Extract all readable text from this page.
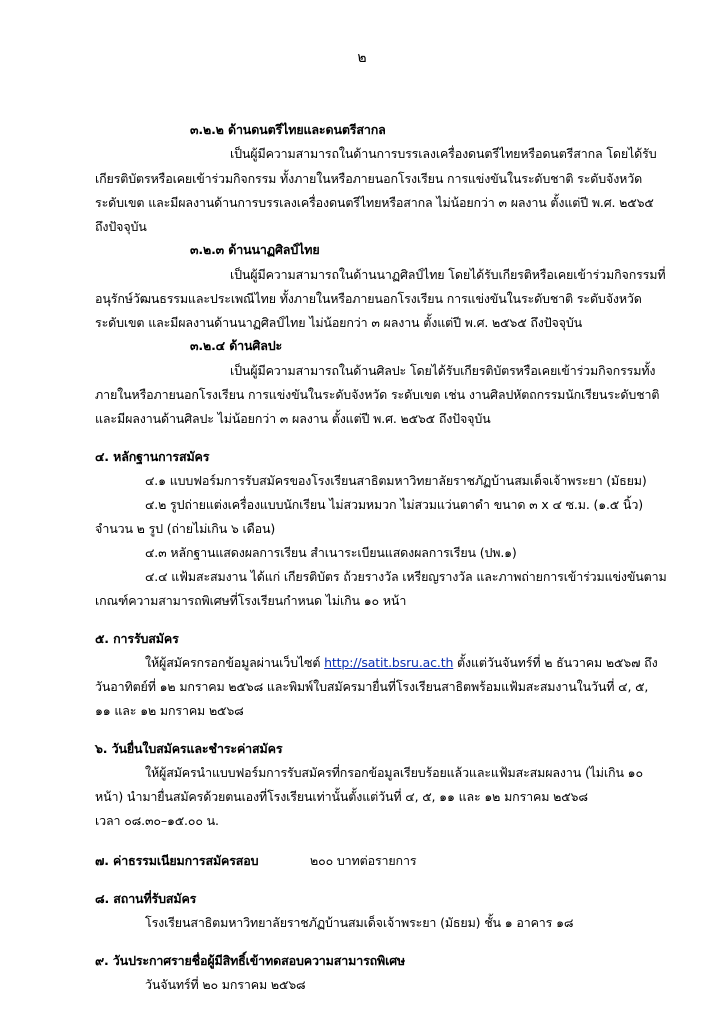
๒
๓.๒.๒ ด้านดนตรีไทยและดนตรีสากล
เป็นผู้มีความสามารถในด้านการบรรเลงเครื่องดนตรีไทยหรือดนตรีสากล โดยได้รับ
เกียรติบัตรหรือเคยเข้าร่วมกิจกรรม ทั้งภายในหรือภายนอกโรงเรียน การแข่งขันในระดับชาติ ระดับจังหวัด
ระดับเขต และมีผลงานด้านการบรรเลงเครื่องดนตรีไทยหรือสากล ไม่น้อยกว่า ๓ ผลงาน ตั้งแต่ปี พ.ศ. ๒๕๖๕
ถึงปัจจุบัน
๓.๒.๓ ด้านนาฏศิลป์ไทย
เป็นผู้มีความสามารถในด้านนาฏศิลป์ไทย โดยได้รับเกียรติหรือเคยเข้าร่วมกิจกรรมที่
อนุรักษ์วัฒนธรรมและประเพณีไทย ทั้งภายในหรือภายนอกโรงเรียน การแข่งขันในระดับชาติ ระดับจังหวัด
ระดับเขต และมีผลงานด้านนาฏศิลป์ไทย ไม่น้อยกว่า ๓ ผลงาน ตั้งแต่ปี พ.ศ. ๒๕๖๕ ถึงปัจจุบัน
๓.๒.๔ ด้านศิลปะ
เป็นผู้มีความสามารถในด้านศิลปะ โดยได้รับเกียรติบัตรหรือเคยเข้าร่วมกิจกรรมทั้ง
ภายในหรือภายนอกโรงเรียน การแข่งขันในระดับจังหวัด ระดับเขต เช่น งานศิลปหัตถกรรมนักเรียนระดับชาติ
และมีผลงานด้านศิลปะ ไม่น้อยกว่า ๓ ผลงาน ตั้งแต่ปี พ.ศ. ๒๕๖๕ ถึงปัจจุบัน
๔. หลักฐานการสมัคร
๔.๑ แบบฟอร์มการรับสมัครของโรงเรียนสาธิตมหาวิทยาลัยราชภัฏบ้านสมเด็จเจ้าพระยา (มัธยม)
๔.๒ รูปถ่ายแต่งเครื่องแบบนักเรียน ไม่สวมหมวก ไม่สวมแว่นตาดำ ขนาด ๓ x ๔ ซ.ม. (๑.๕ นิ้ว)
จำนวน ๒ รูป (ถ่ายไม่เกิน ๖ เดือน)
๔.๓ หลักฐานแสดงผลการเรียน สำเนาระเบียนแสดงผลการเรียน (ปพ.๑)
๔.๔ แฟ้มสะสมงาน ได้แก่ เกียรติบัตร ถ้วยรางวัล เหรียญรางวัล และภาพถ่ายการเข้าร่วมแข่งขันตาม
เกณฑ์ความสามารถพิเศษที่โรงเรียนกำหนด ไม่เกิน ๑๐ หน้า
๕. การรับสมัคร
ให้ผู้สมัครกรอกข้อมูลผ่านเว็บไซต์ http://satit.bsru.ac.th ตั้งแต่วันจันทร์ที่ ๒ ธันวาคม ๒๕๖๗ ถึง
วันอาทิตย์ที่ ๑๒ มกราคม ๒๕๖๘ และพิมพ์ใบสมัครมายื่นที่โรงเรียนสาธิตพร้อมแฟ้มสะสมงานในวันที่ ๔, ๕,
๑๑ และ ๑๒ มกราคม ๒๕๖๘
๖. วันยื่นใบสมัครและชำระค่าสมัคร
ให้ผู้สมัครนำแบบฟอร์มการรับสมัครที่กรอกข้อมูลเรียบร้อยแล้วและแฟ้มสะสมผลงาน (ไม่เกิน ๑๐
หน้า) นำมายื่นสมัครด้วยตนเองที่โรงเรียนเท่านั้นตั้งแต่วันที่ ๔, ๕, ๑๑ และ ๑๒ มกราคม ๒๕๖๘
เวลา ๐๘.๓๐–๑๕.๐๐ น.
๗. ค่าธรรมเนียมการสมัครสอบ	๒๐๐ บาทต่อรายการ
๘. สถานที่รับสมัคร
โรงเรียนสาธิตมหาวิทยาลัยราชภัฏบ้านสมเด็จเจ้าพระยา (มัธยม) ชั้น ๑ อาคาร ๑๘
๙. วันประกาศรายชื่อผู้มีสิทธิ์เข้าทดสอบความสามารถพิเศษ
วันจันทร์ที่ ๒๐ มกราคม ๒๕๖๘
